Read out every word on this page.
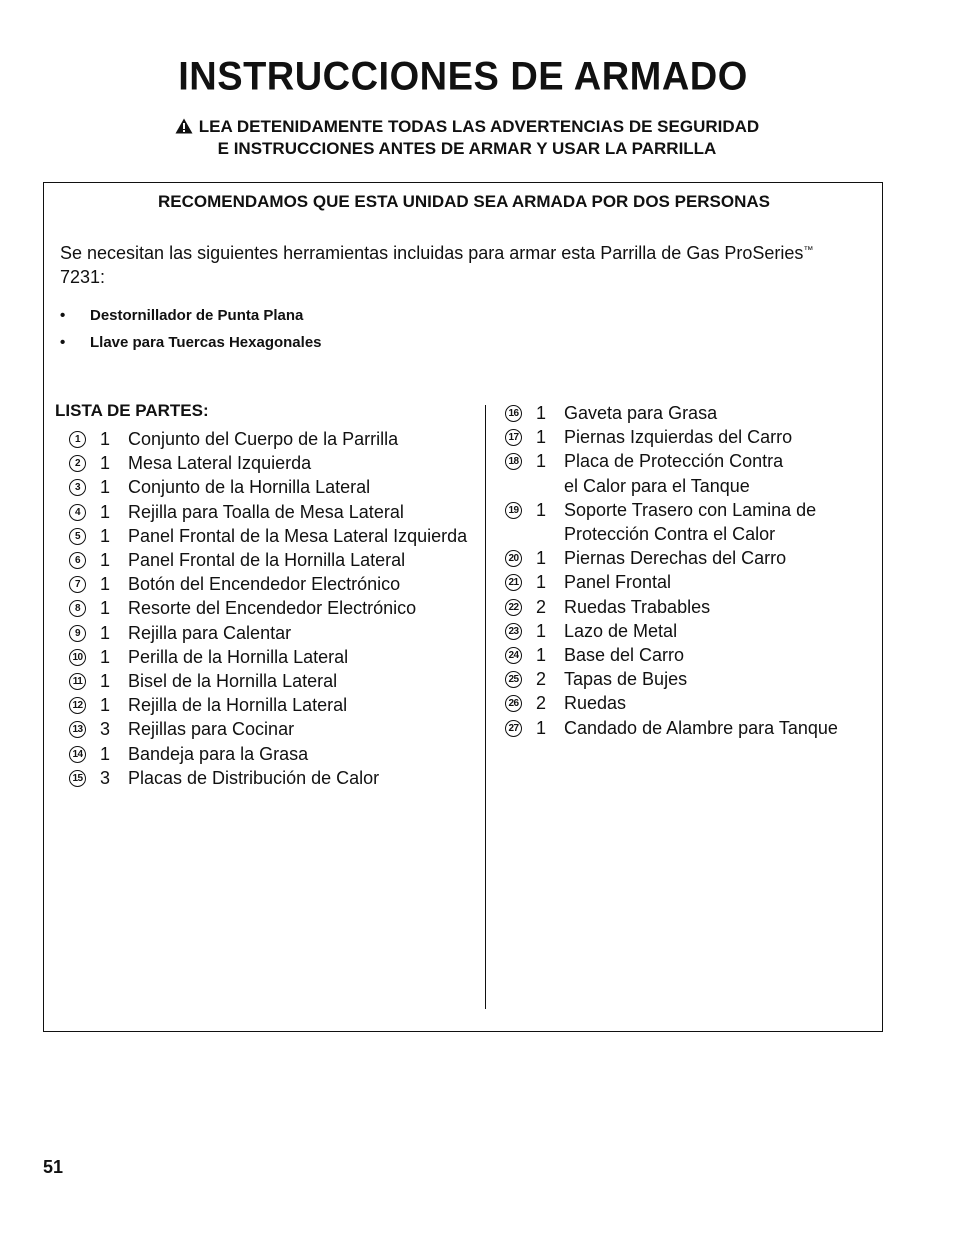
INSTRUCCIONES DE ARMADO
LEA DETENIDAMENTE TODAS LAS ADVERTENCIAS DE SEGURIDAD
E INSTRUCCIONES ANTES DE ARMAR Y USAR LA PARRILLA
RECOMENDAMOS QUE ESTA UNIDAD SEA ARMADA POR DOS PERSONAS
Se necesitan las siguientes herramientas incluidas para armar esta Parrilla de Gas ProSeries™ 7231:
• Destornillador de Punta Plana
• Llave para Tuercas Hexagonales
LISTA DE PARTES:
1	1 Conjunto del Cuerpo de la Parrilla
2	1 Mesa Lateral Izquierda
3	1 Conjunto de la Hornilla Lateral
4	1 Rejilla para Toalla de Mesa Lateral
5	1 Panel Frontal de la Mesa Lateral Izquierda
6	1 Panel Frontal de la Hornilla Lateral
7	1 Botón del Encendedor Electrónico
8	1 Resorte del Encendedor Electrónico
9	1 Rejilla para Calentar
10 1 Perilla de la Hornilla Lateral
11 1 Bisel de la Hornilla Lateral
12 1 Rejilla de la Hornilla Lateral
13 3 Rejillas para Cocinar
14 1 Bandeja para la Grasa
15 3 Placas de Distribución de Calor
16 1 Gaveta para Grasa
17 1 Piernas Izquierdas del Carro
18 1 Placa de Protección Contra
el Calor para el Tanque
19 1 Soporte Trasero con Lamina de
Protección Contra el Calor
20 1 Piernas Derechas del Carro
21 1 Panel Frontal
22 2 Ruedas Trabables
23 1 Lazo de Metal
24 1 Base del Carro
25 2 Tapas de Bujes
26 2 Ruedas
27 1 Candado de Alambre para Tanque
51
